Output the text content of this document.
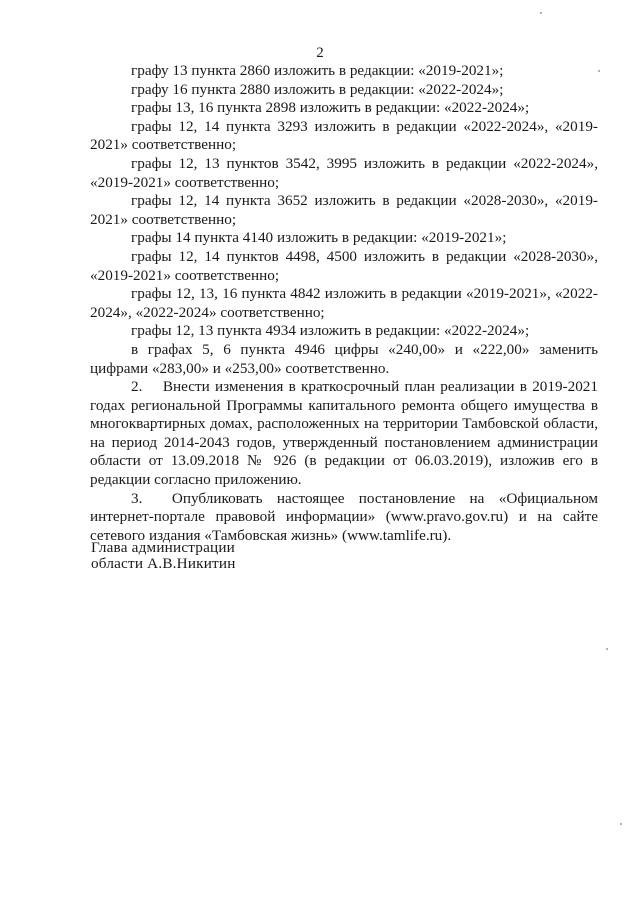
2

графу 13 пункта 2860 изложить в редакции: «2019-2021»;

графу 16 пункта 2880 изложить в редакции: «2022-2024»;

графы 13, 16 пункта 2898 изложить в редакции: «2022-2024»;

графы 12, 14 пункта 3293 изложить в редакции «2022-2024», «2019-2021» соответственно;

графы 12, 13 пунктов 3542, 3995 изложить в редакции «2022-2024», «2019-2021» соответственно;

графы 12, 14 пункта 3652 изложить в редакции «2028-2030», «2019-2021» соответственно;

графы 14 пункта 4140 изложить в редакции: «2019-2021»;

графы 12, 14 пунктов 4498, 4500 изложить в редакции «2028-2030», «2019-2021» соответственно;

графы 12, 13, 16 пункта 4842 изложить в редакции «2019-2021», «2022-2024», «2022-2024» соответственно;

графы 12, 13 пункта 4934 изложить в редакции: «2022-2024»;

в графах 5, 6 пункта 4946 цифры «240,00» и «222,00» заменить цифрами «283,00» и «253,00» соответственно.

2.  Внести изменения в краткосрочный план реализации в 2019-2021 годах региональной Программы капитального ремонта общего имущества в многоквартирных домах, расположенных на территории Тамбовской области, на период 2014-2043 годов, утвержденный постановлением администрации области от 13.09.2018 № 926 (в редакции от 06.03.2019), изложив его в редакции согласно приложению.

3.  Опубликовать настоящее постановление на «Официальном интернет-портале правовой информации» (www.pravo.gov.ru) и на сайте сетевого издания «Тамбовская жизнь» (www.tamlife.ru).

Глава администрации
области А.В.Никитин
